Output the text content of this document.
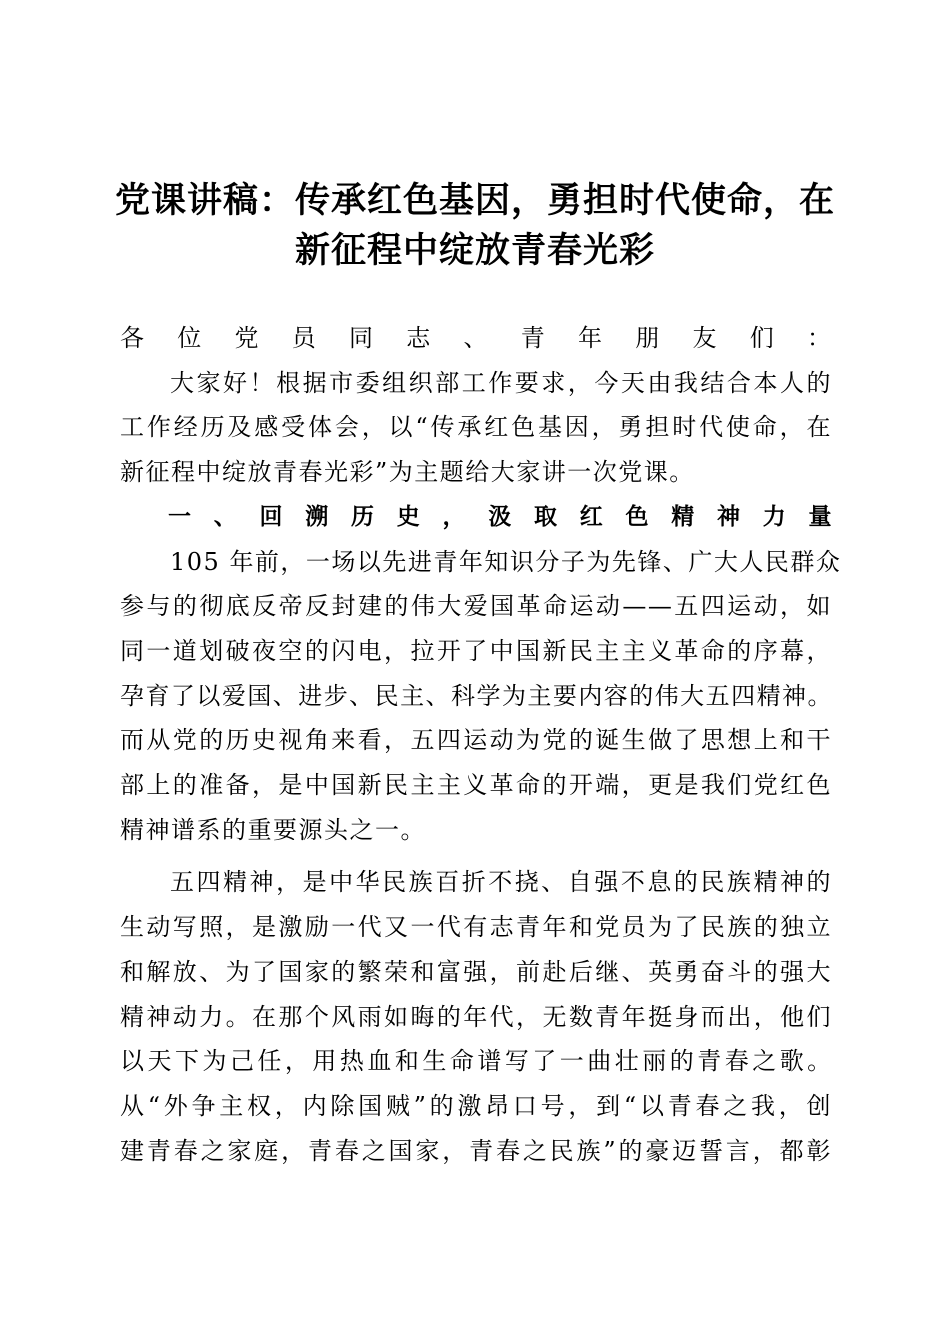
党课讲稿：传承红色基因，勇担时代使命，在
新征程中绽放青春光彩

各位党员同志、青年朋友们：

大家好！根据市委组织部工作要求，今天由我结合本人的
工作经历及感受体会，以“传承红色基因，勇担时代使命，在
新征程中绽放青春光彩”为主题给大家讲一次党课。

一、回溯历史，汲取红色精神力量

105 年前，一场以先进青年知识分子为先锋、广大人民群众
参与的彻底反帝反封建的伟大爱国革命运动——五四运动，如
同一道划破夜空的闪电，拉开了中国新民主主义革命的序幕，
孕育了以爱国、进步、民主、科学为主要内容的伟大五四精神。
而从党的历史视角来看，五四运动为党的诞生做了思想上和干
部上的准备，是中国新民主主义革命的开端，更是我们党红色
精神谱系的重要源头之一。

五四精神，是中华民族百折不挠、自强不息的民族精神的
生动写照，是激励一代又一代有志青年和党员为了民族的独立
和解放、为了国家的繁荣和富强，前赴后继、英勇奋斗的强大
精神动力。在那个风雨如晦的年代，无数青年挺身而出，他们
以天下为己任，用热血和生命谱写了一曲壮丽的青春之歌。
从“外争主权，内除国贼”的激昂口号，到“以青春之我，创
建青春之家庭，青春之国家，青春之民族”的豪迈誓言，都彰
